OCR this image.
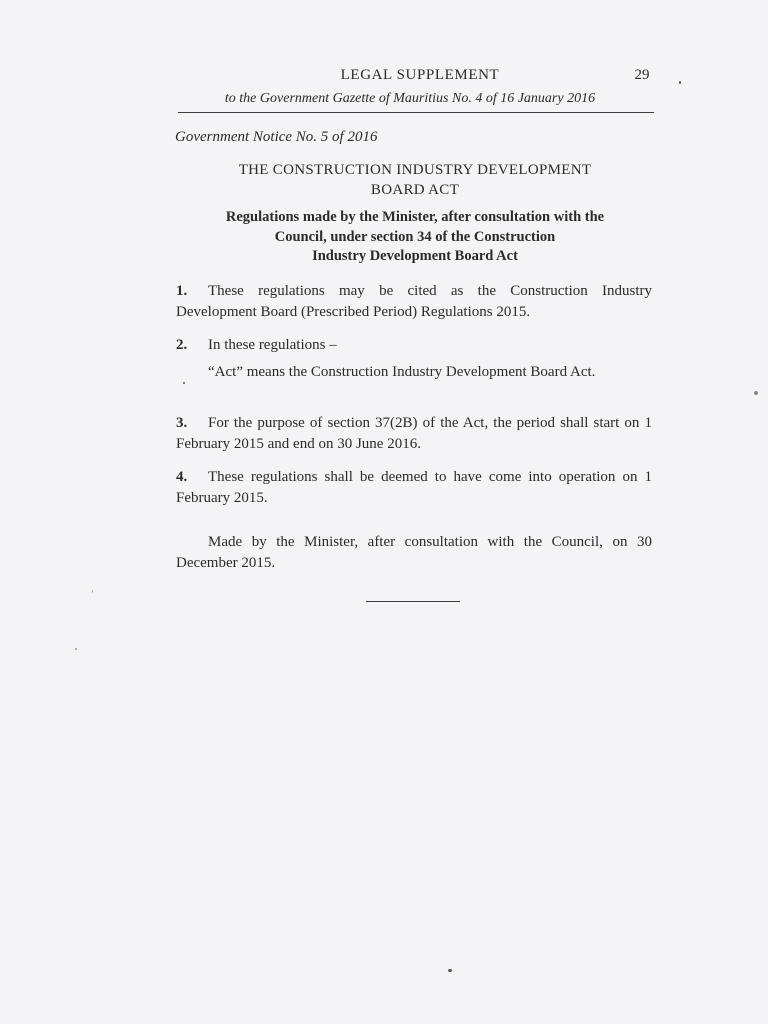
LEGAL SUPPLEMENT	29
to the Government Gazette of Mauritius No. 4 of 16 January 2016
Government Notice No. 5 of 2016
THE CONSTRUCTION INDUSTRY DEVELOPMENT
BOARD ACT
Regulations made by the Minister, after consultation with the
Council, under section 34 of the Construction
Industry Development Board Act
1. These regulations may be cited as the Construction Industry Development Board (Prescribed Period) Regulations 2015.
2. In these regulations –
“Act” means the Construction Industry Development Board Act.
3. For the purpose of section 37(2B) of the Act, the period shall start on 1 February 2015 and end on 30 June 2016.
4. These regulations shall be deemed to have come into operation on 1 February 2015.
Made by the Minister, after consultation with the Council, on 30 December 2015.
